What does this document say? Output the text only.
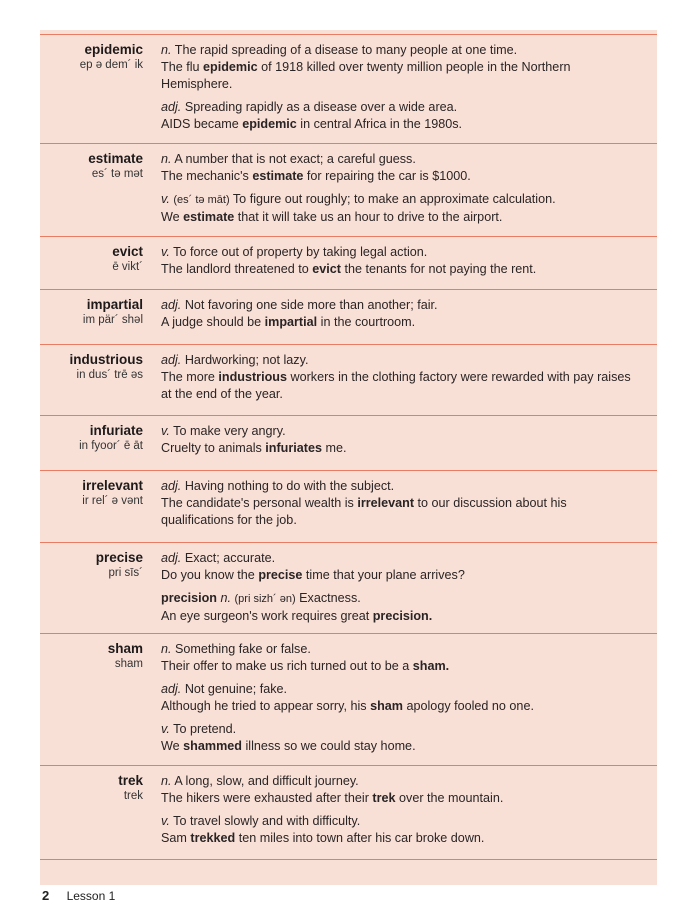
epidemic
ep ə dem´ ik
n. The rapid spreading of a disease to many people at one time.
The flu epidemic of 1918 killed over twenty million people in the Northern Hemisphere.
adj. Spreading rapidly as a disease over a wide area.
AIDS became epidemic in central Africa in the 1980s.
estimate
es´ tə mət
n. A number that is not exact; a careful guess.
The mechanic's estimate for repairing the car is $1000.
v. (es´ tə māt) To figure out roughly; to make an approximate calculation.
We estimate that it will take us an hour to drive to the airport.
evict
ē vikt´
v. To force out of property by taking legal action.
The landlord threatened to evict the tenants for not paying the rent.
impartial
im pär´ shəl
adj. Not favoring one side more than another; fair.
A judge should be impartial in the courtroom.
industrious
in dus´ trē əs
adj. Hardworking; not lazy.
The more industrious workers in the clothing factory were rewarded with pay raises at the end of the year.
infuriate
in fyoor´ ē āt
v. To make very angry.
Cruelty to animals infuriates me.
irrelevant
ir rel´ ə vənt
adj. Having nothing to do with the subject.
The candidate's personal wealth is irrelevant to our discussion about his qualifications for the job.
precise
pri sīs´
adj. Exact; accurate.
Do you know the precise time that your plane arrives?
precision n. (pri sizh´ ən) Exactness.
An eye surgeon's work requires great precision.
sham
sham
n. Something fake or false.
Their offer to make us rich turned out to be a sham.
adj. Not genuine; fake.
Although he tried to appear sorry, his sham apology fooled no one.
v. To pretend.
We shammed illness so we could stay home.
trek
trek
n. A long, slow, and difficult journey.
The hikers were exhausted after their trek over the mountain.
v. To travel slowly and with difficulty.
Sam trekked ten miles into town after his car broke down.
2 Lesson 1
